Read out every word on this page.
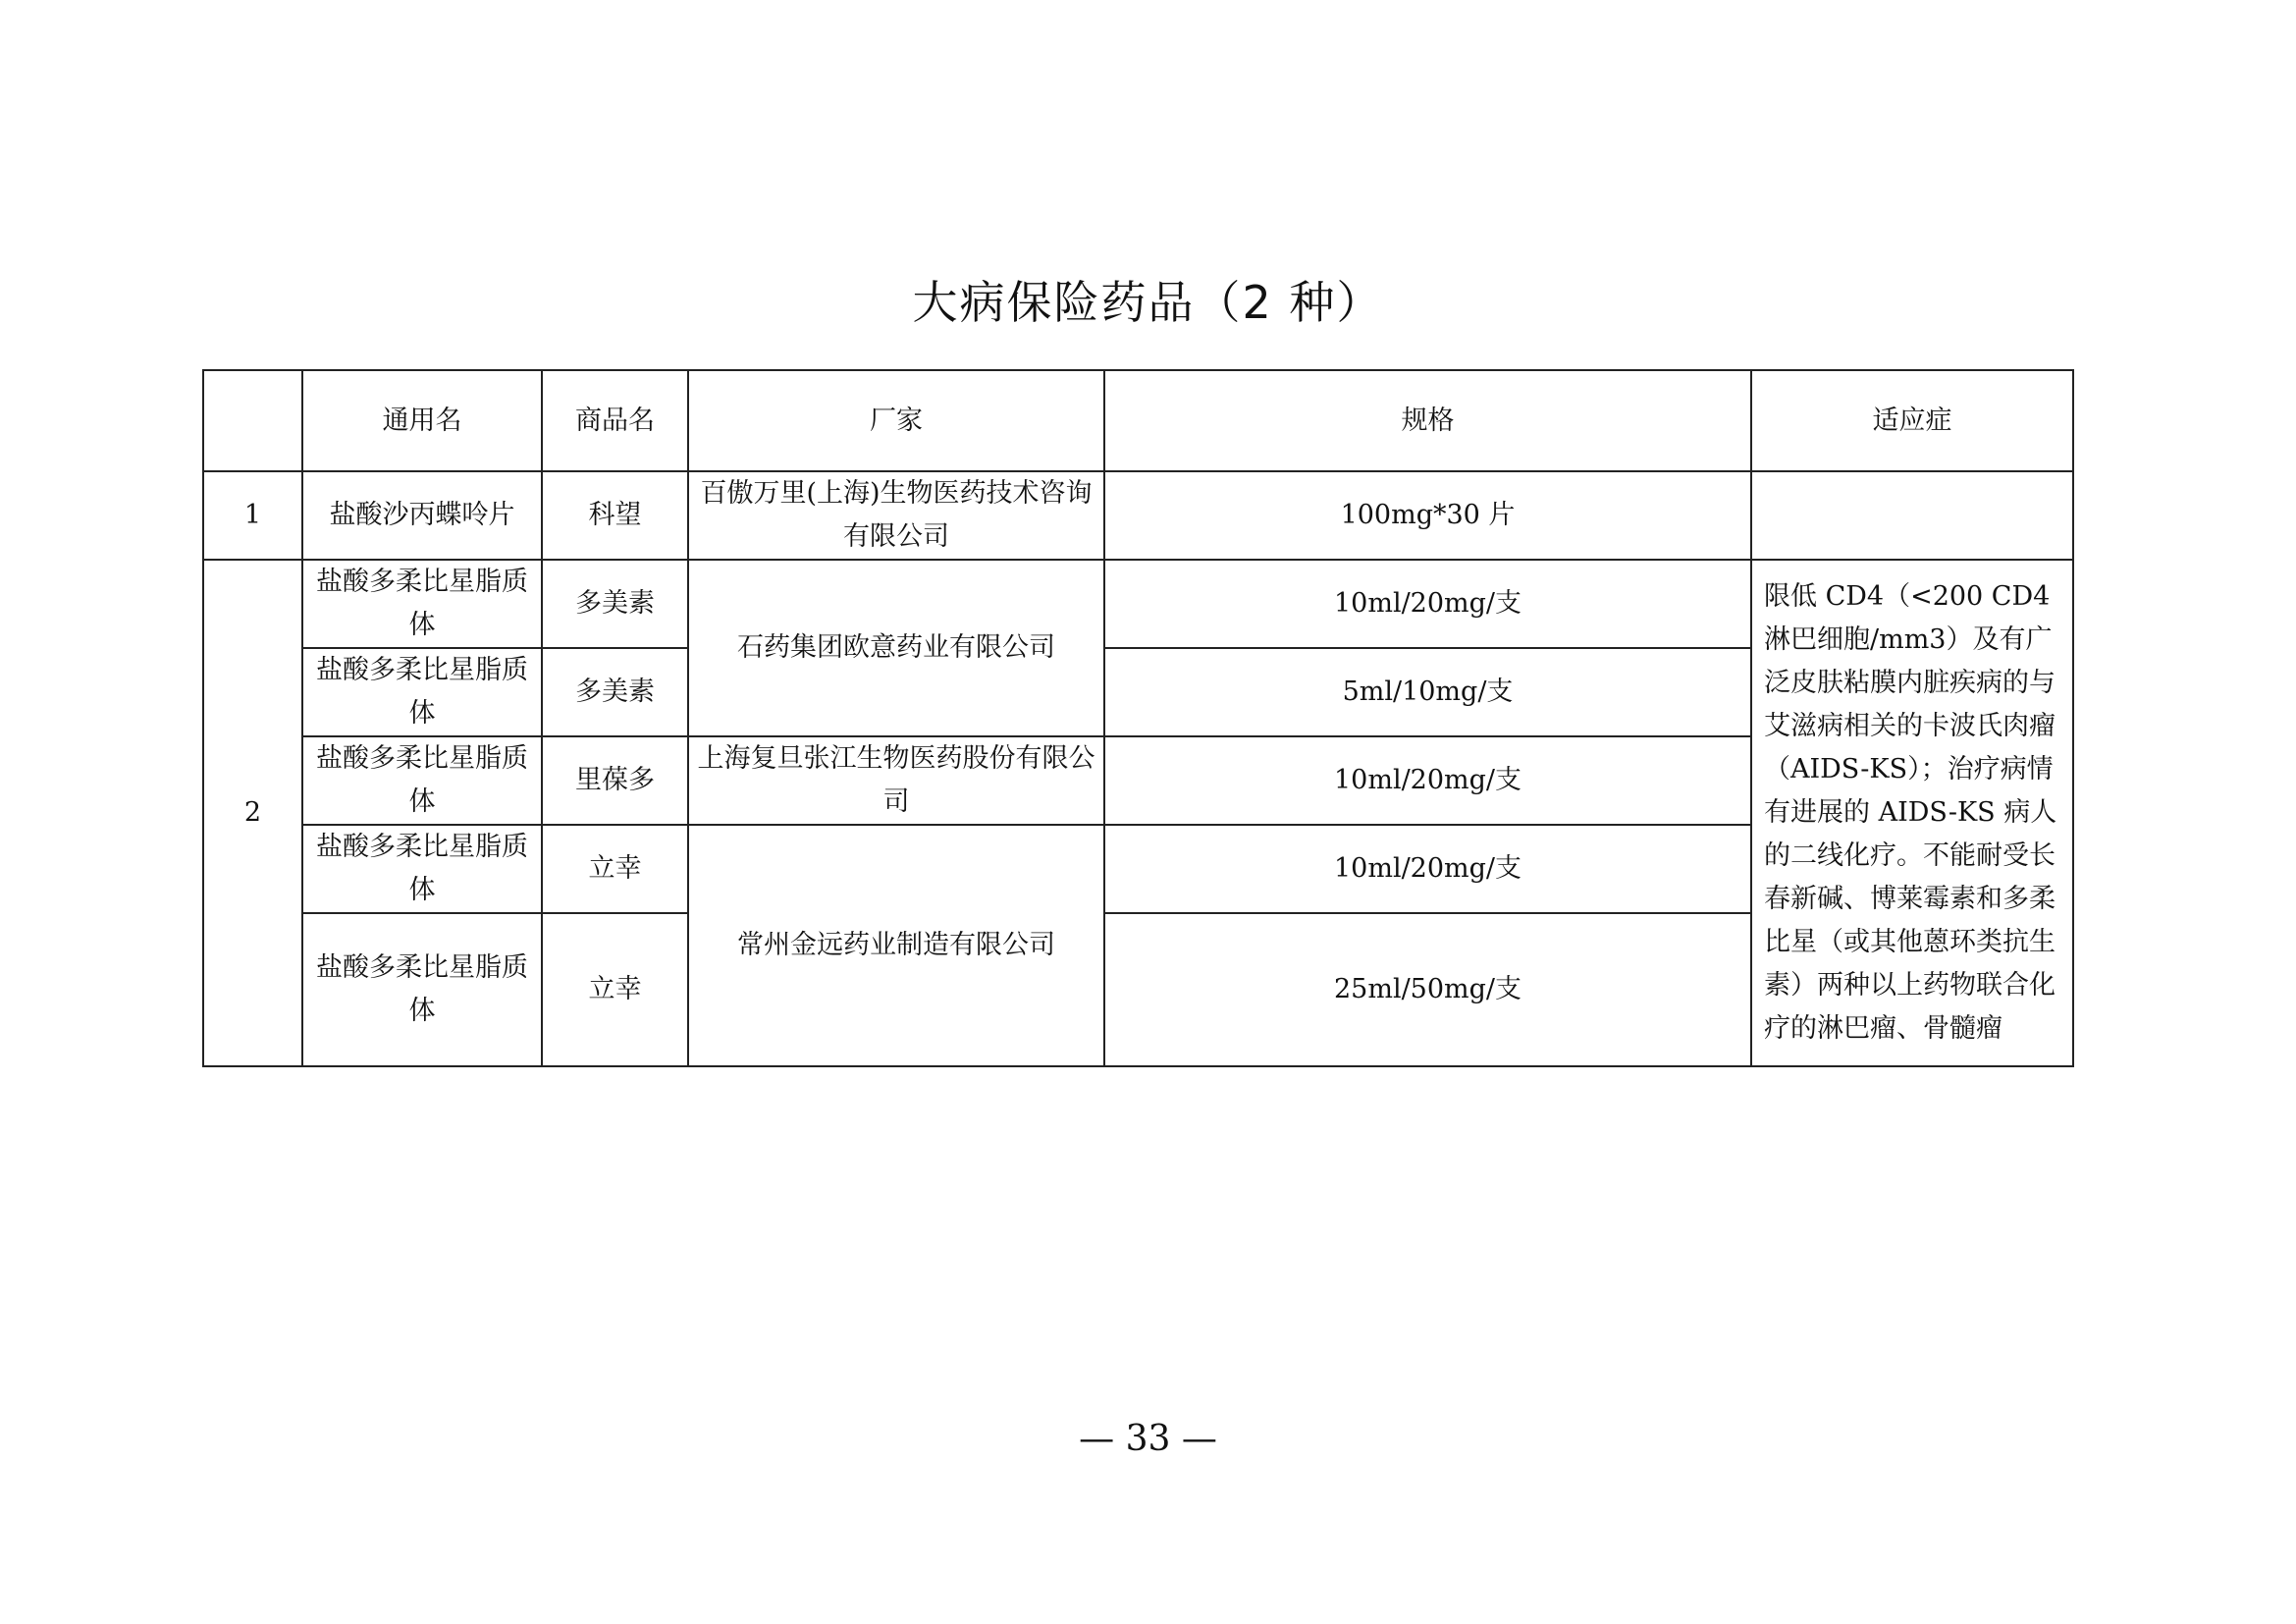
大病保险药品（2 种）
	通用名	商品名	厂家	规格	适应症
1	盐酸沙丙蝶呤片	科望	百傲万里(上海)生物医药技术咨询有限公司	100mg*30 片	
2	盐酸多柔比星脂质体	多美素	石药集团欧意药业有限公司	10ml/20mg/支	限低 CD4（<200 CD4 淋巴细胞/mm3）及有广泛皮肤粘膜内脏疾病的与艾滋病相关的卡波氏肉瘤（AIDS-KS）；治疗病情有进展的 AIDS-KS 病人的二线化疗。不能耐受长春新碱、博莱霉素和多柔比星（或其他蒽环类抗生素）两种以上药物联合化疗的淋巴瘤、骨髓瘤
	盐酸多柔比星脂质体	多美素		5ml/10mg/支	
	盐酸多柔比星脂质体	里葆多	上海复旦张江生物医药股份有限公司	10ml/20mg/支	
	盐酸多柔比星脂质体	立幸	常州金远药业制造有限公司	10ml/20mg/支	
	盐酸多柔比星脂质体	立幸		25ml/50mg/支	
— 33 —
